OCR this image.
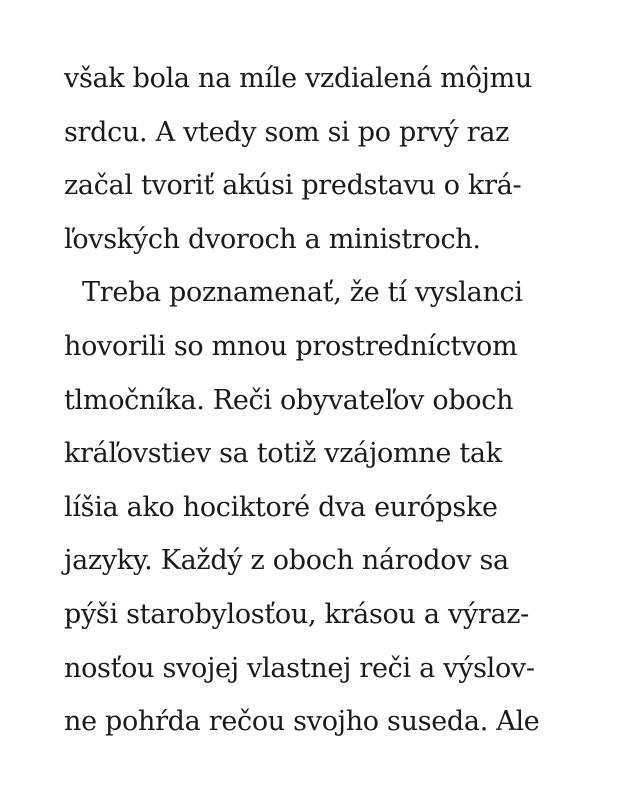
však bola na míle vzdialená môjmu
srdcu. A vtedy som si po prvý raz
začal tvoriť akúsi predstavu o krá-
ľovských dvoroch a ministroch.
Treba poznamenať, že tí vyslanci
hovorili so mnou prostredníctvom
tlmočníka. Reči obyvateľov oboch
kráľovstiev sa totiž vzájomne tak
líšia ako hociktoré dva európske
jazyky. Každý z oboch národov sa
pýši starobylosťou, krásou a výraz-
nosťou svojej vlastnej reči a výslov-
ne pohŕda rečou svojho suseda. Ale
